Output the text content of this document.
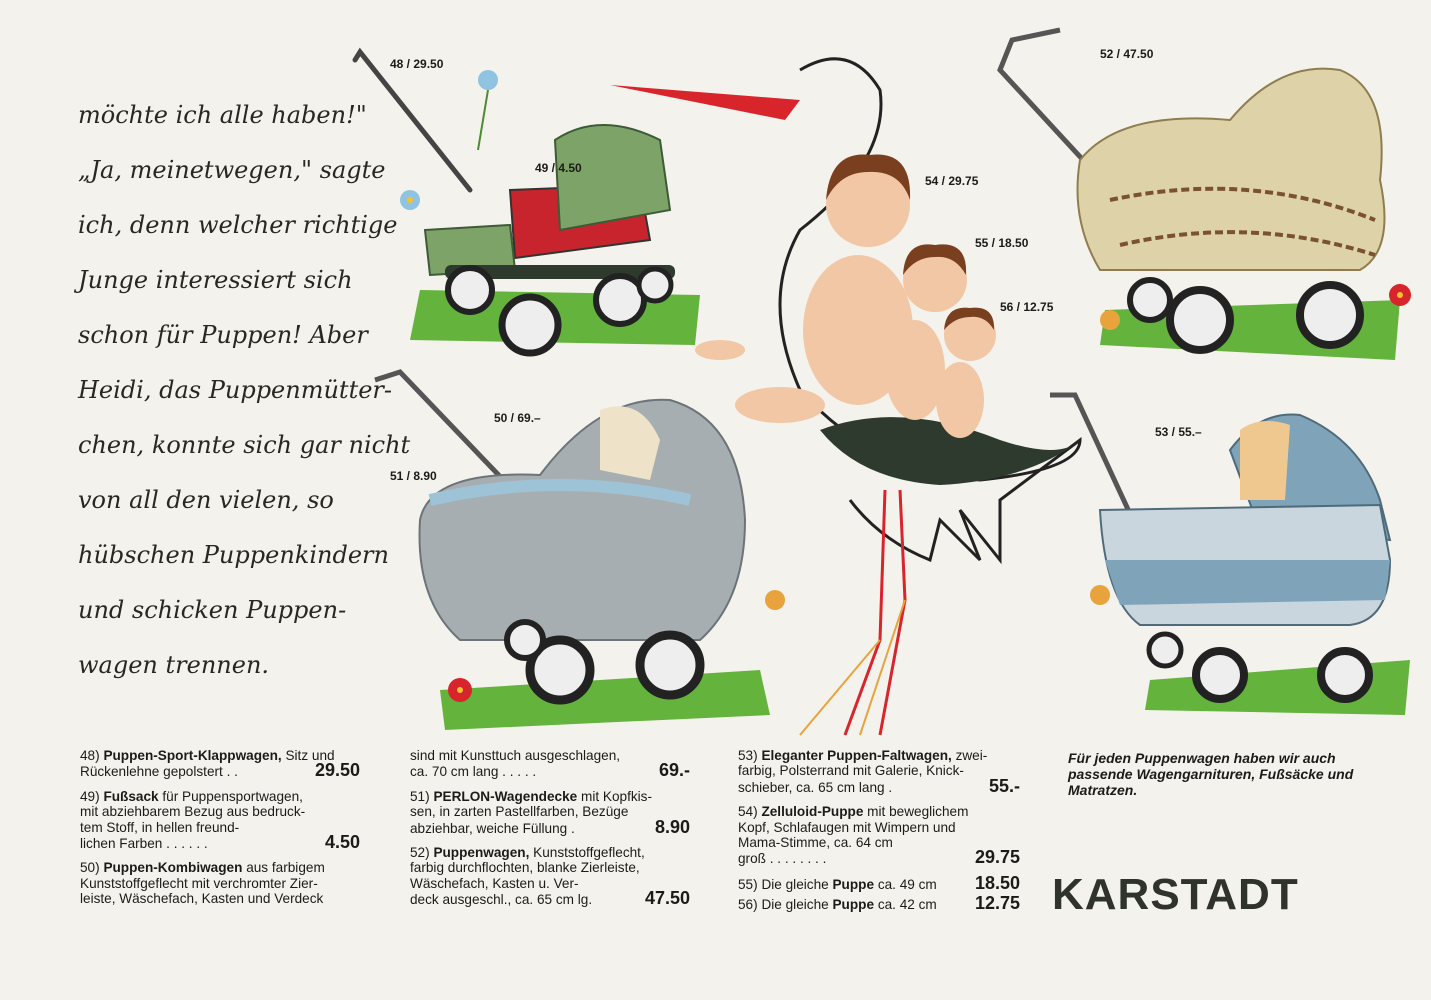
möchte ich alle haben!"
„Ja, meinetwegen," sagte
ich, denn welcher richtige
Junge interessiert sich
schon für Puppen! Aber
Heidi, das Puppenmütter-
chen, konnte sich gar nicht
von all den vielen, so
hübschen Puppenkindern
und schicken Puppen-
wagen trennen.
48 / 29.50
49 / 4.50
50 / 69.–
51 / 8.90
52 / 47.50
53 / 55.–
54 / 29.75
55 / 18.50
56 / 12.75
48) Puppen-Sport-Klappwagen, Sitz und
Rückenlehne gepolstert . .	29.50
49) Fußsack für Puppensportwagen,
mit abziehbarem Bezug aus bedruck-
tem Stoff, in hellen freund-
lichen Farben . . . . . .	4.50
50) Puppen-Kombiwagen aus farbigem
Kunststoffgeflecht mit verchromter Zier-
leiste, Wäschefach, Kasten und Verdeck
sind mit Kunsttuch ausgeschlagen,
ca. 70 cm lang . . . . .	69.-
51) PERLON-Wagendecke mit Kopfkis-
sen, in zarten Pastellfarben, Bezüge
abziehbar, weiche Füllung .	8.90
52) Puppenwagen, Kunststoffgeflecht,
farbig durchflochten, blanke Zierleiste,
Wäschefach, Kasten u. Ver-
deck ausgeschl., ca. 65 cm lg.	47.50
53) Eleganter Puppen-Faltwagen, zwei-
farbig, Polsterrand mit Galerie, Knick-
schieber, ca. 65 cm lang .	55.-
54) Zelluloid-Puppe mit beweglichem
Kopf, Schlafaugen mit Wimpern und
Mama-Stimme, ca. 64 cm
groß . . . . . . . .	29.75
55) Die gleiche Puppe ca. 49 cm 18.50
56) Die gleiche Puppe ca. 42 cm 12.75
Für jeden Puppenwagen haben wir auch passende Wagengarnituren, Fußsäcke und Matratzen.
KARSTADT
